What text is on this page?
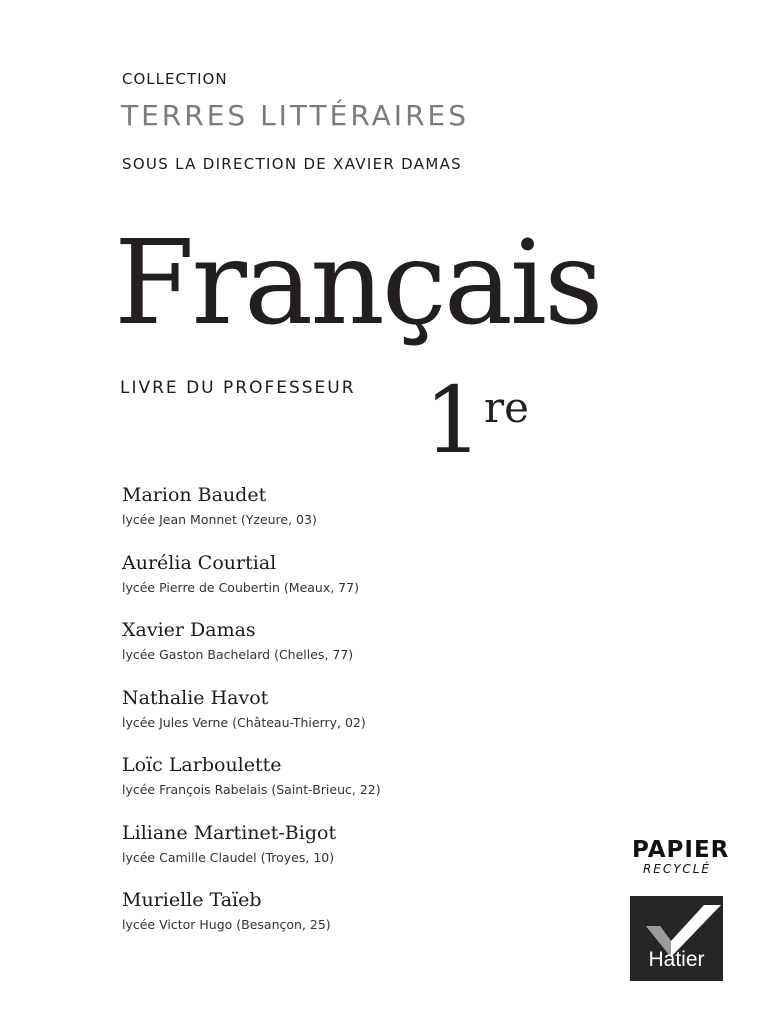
COLLECTION
TERRES LITTÉRAIRES
SOUS LA DIRECTION DE XAVIER DAMAS
Français
LIVRE DU PROFESSEUR 1 re
Marion Baudet
lycée Jean Monnet (Yzeure, 03)
Aurélia Courtial
lycée Pierre de Coubertin (Meaux, 77)
Xavier Damas
lycée Gaston Bachelard (Chelles, 77)
Nathalie Havot
lycée Jules Verne (Château-Thierry, 02)
Loïc Larboulette
lycée François Rabelais (Saint-Brieuc, 22)
Liliane Martinet-Bigot
lycée Camille Claudel (Troyes, 10)
Murielle Taïeb
lycée Victor Hugo (Besançon, 25)
PAPIER
RECYCLÉ
Hatier
